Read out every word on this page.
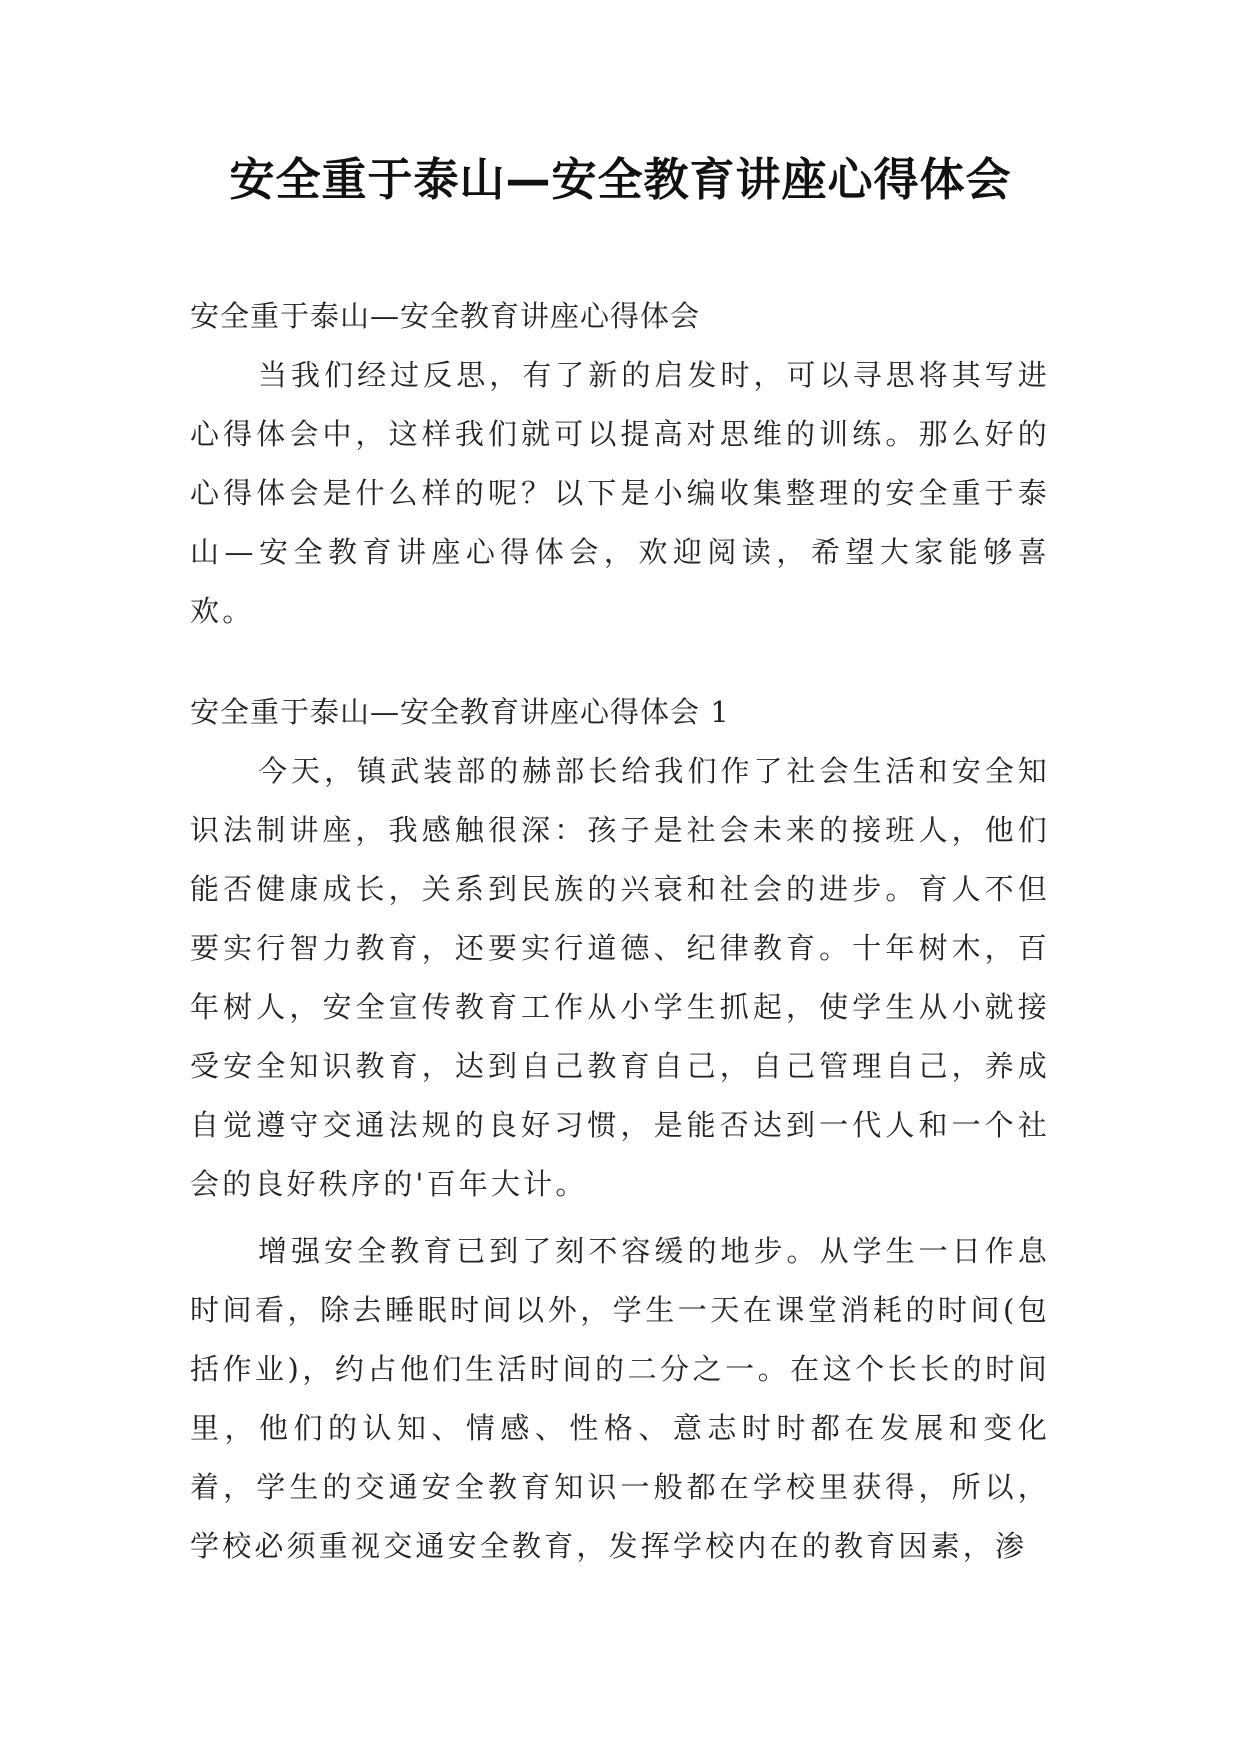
安全重于泰山—安全教育讲座心得体会
安全重于泰山—安全教育讲座心得体会
当我们经过反思，有了新的启发时，可以寻思将其写进心得体会中，这样我们就可以提高对思维的训练。那么好的心得体会是什么样的呢？以下是小编收集整理的安全重于泰山—安全教育讲座心得体会，欢迎阅读，希望大家能够喜欢。
安全重于泰山—安全教育讲座心得体会 1
今天，镇武装部的赫部长给我们作了社会生活和安全知识法制讲座，我感触很深：孩子是社会未来的接班人，他们能否健康成长，关系到民族的兴衰和社会的进步。育人不但要实行智力教育，还要实行道德、纪律教育。十年树木，百年树人，安全宣传教育工作从小学生抓起，使学生从小就接受安全知识教育，达到自己教育自己，自己管理自己，养成自觉遵守交通法规的良好习惯，是能否达到一代人和一个社会的良好秩序的'百年大计。
增强安全教育已到了刻不容缓的地步。从学生一日作息时间看，除去睡眠时间以外，学生一天在课堂消耗的时间(包括作业)，约占他们生活时间的二分之一。在这个长长的时间里，他们的认知、情感、性格、意志时时都在发展和变化着，学生的交通安全教育知识一般都在学校里获得，所以，学校必须重视交通安全教育，发挥学校内在的教育因素，渗
